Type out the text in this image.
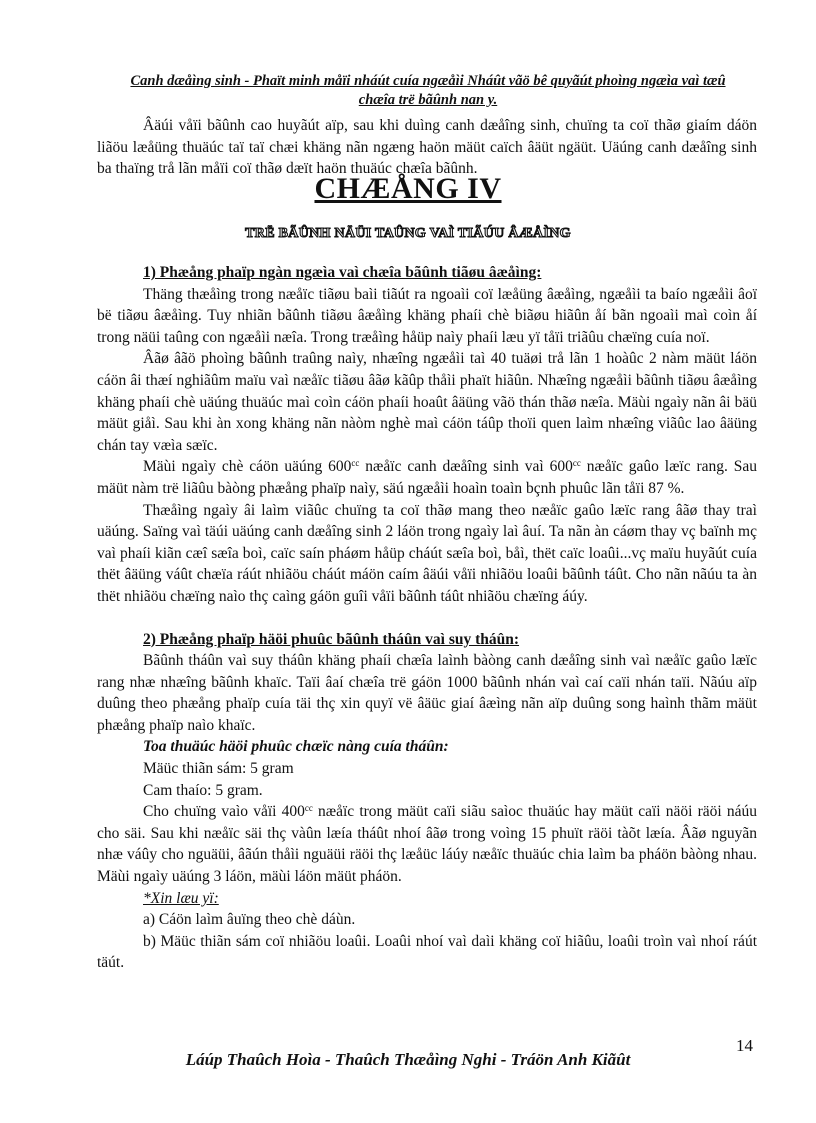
Canh dæåìng sinh - Phaït minh måïi nháút cuía ngæåìi Nháût vãö bê quyãút phoìng ngæìa vaì tæû
chæîa trë bãûnh nan y.

Âäúi våïi bãûnh cao huyãút aïp, sau khi duìng canh dæåîng sinh, chuïng ta coï thãø giaím dáön liãöu læåüng thuäúc taï taï chæi khäng nãn ngæng haön mäüt caïch âäüt ngäüt. Uäúng canh dæåîng sinh ba thaïng trå lãn måïi coï thãø dæït haön thuäúc chæîa bãûnh.

CHÆÅNG IV
TRË BÃÛNH NÄÜI TAÛNG VAÌ TIÃÚU ÂÆÅÌNG

1) Phæång phaïp ngàn ngæìa vaì chæîa bãûnh tiãøu âæåìng:

Thäng thæåìng trong næåïc tiãøu baìi tiãút ra ngoaìi coï læåüng âæåìng, ngæåìi ta baío ngæåìi âoï bë tiãøu âæåìng. Tuy nhiãn bãûnh tiãøu âæåìng khäng phaíi chè biãøu hiãûn åí bãn ngoaìi maì coìn åí trong näüi taûng con ngæåìi næîa. Trong træåìng håüp naìy phaíi læu yï tåïi triãûu chæïng cuía noï.

Âãø âãö phoìng bãûnh traûng naìy, nhæîng ngæåìi taì 40 tuäøi trå lãn 1 hoàûc 2 nàm mäüt láön cáön âi thæí nghiãûm maïu vaì næåïc tiãøu âãø kãûp thåìi phaït hiãûn. Nhæîng ngæåìi bãûnh tiãøu âæåìng khäng phaíi chè uäúng thuäúc maì coìn cáön phaíi hoaût âäüng vãö thán thãø næîa. Mäùi ngaìy nãn âi bäü mäüt giåì. Sau khi àn xong khäng nãn nàòm nghè maì cáön táûp thoïi quen laìm nhæîng viãûc lao âäüng chán tay væìa sæïc.

Mäùi ngaìy chè cáön uäúng $600^{cc}$ næåïc canh dæåîng sinh vaì $600^{cc}$ næåïc gaûo læïc rang. Sau mäüt nàm trë liãûu bàòng phæång phaïp naìy, säú ngæåìi hoaìn toaìn bçnh phuûc lãn tåïi 87 %.

Thæåìng ngaìy âi laìm viãûc chuïng ta coï thãø mang theo næåïc gaûo læïc rang âãø thay traì uäúng. Saïng vaì täúi uäúng canh dæåîng sinh 2 láön trong ngaìy laì âuí. Ta nãn àn cáøm thay vç baïnh mç vaì phaíi kiãn cæî sæîa boì, caïc saín pháøm håüp cháút sæîa boì, båì, thët caïc loaûi...vç maïu huyãút cuía thët âäüng váût chæïa ráút nhiãöu cháút máön caím âäúi våïi nhiãöu loaûi bãûnh táût. Cho nãn nãúu ta àn thët nhiãöu chæïng naìo thç caìng gáön guîi våïi bãûnh táût nhiãöu chæïng áúy.

2) Phæång phaïp häöi phuûc bãûnh tháûn vaì suy tháûn:

Bãûnh tháûn vaì suy tháûn khäng phaíi chæîa laình bàòng canh dæåîng sinh vaì næåïc gaûo læïc rang nhæ nhæîng bãûnh khaïc. Taïi âaí chæîa trë gáön 1000 bãûnh nhán vaì caí caïi nhán taïi. Nãúu aïp duûng theo phæång phaïp cuía täi thç xin quyï vë âäüc giaí âæìng nãn aïp duûng song haình thãm mäüt phæång phaïp naìo khaïc.

Toa thuäúc häöi phuûc chæïc nàng cuía tháûn:

Mäüc thiãn sám: 5 gram

Cam thaío: 5 gram.

Cho chuïng vaìo våïi $400^{cc}$ næåïc trong mäüt caïi siãu saìoc thuäúc hay mäüt caïi näöi räöi náúu cho säi. Sau khi næåïc säi thç vàûn læía tháût nhoí âãø trong voìng 15 phuït räöi tàõt læía. Âãø nguyãn nhæ váûy cho nguäüi, âãún thåìi nguäüi räöi thç læåüc láúy næåïc thuäúc chia laìm ba pháön bàòng nhau. Mäùi ngaìy uäúng 3 láön, mäùi láön mäüt pháön.

*Xin læu yï:

a) Cáön laìm âuïng theo chè dáùn.

b) Mäüc thiãn sám coï nhiãöu loaûi. Loaûi nhoí vaì daìi khäng coï hiãûu, loaûi troìn vaì nhoí ráút täút.

14
Láúp Thaûch Hoìa - Thaûch Thæåìng Nghi - Tráön Anh Kiãût
